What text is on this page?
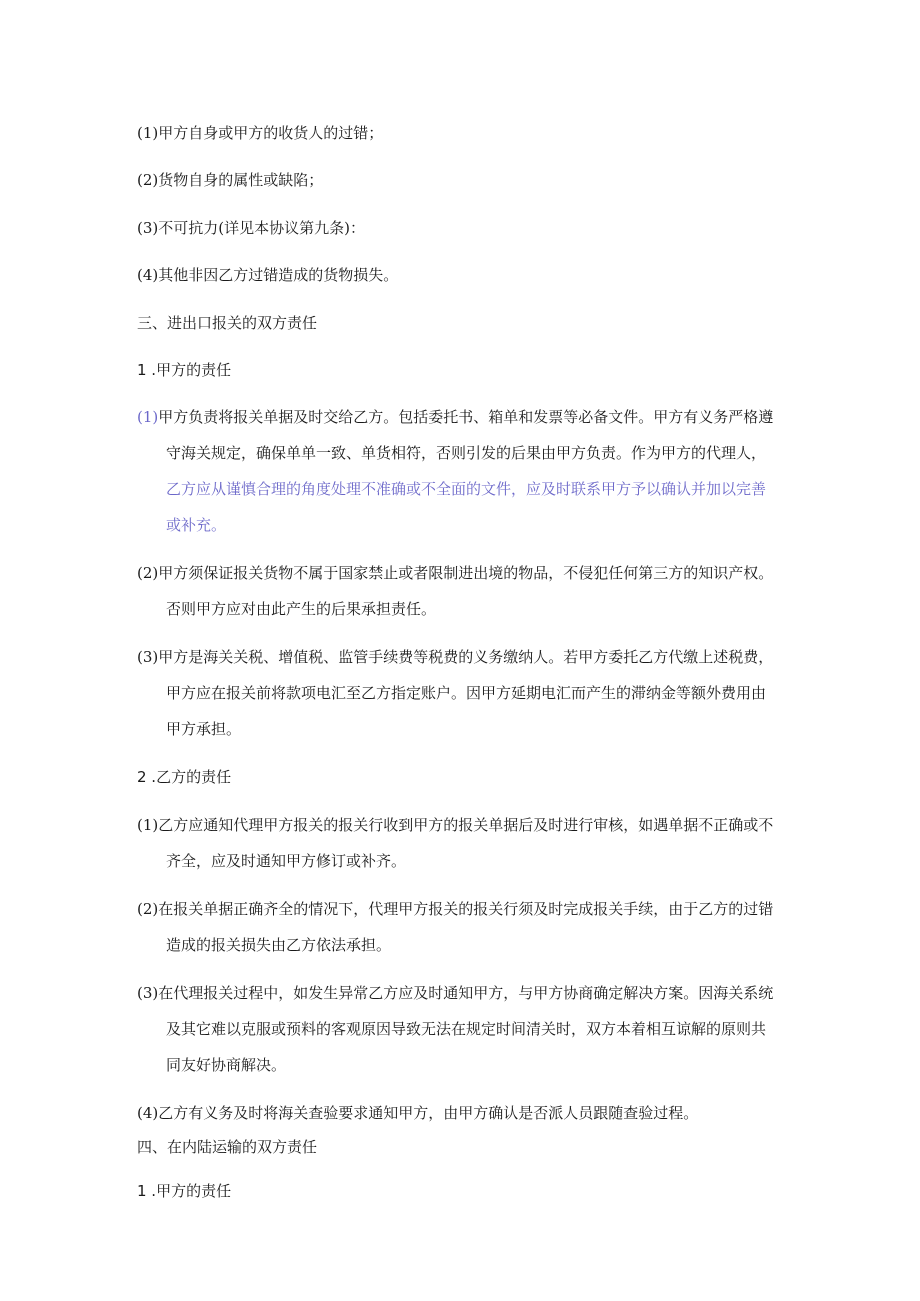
(1)甲方自身或甲方的收货人的过错；
(2)货物自身的属性或缺陷；
(3)不可抗力(详见本协议第九条)：
(4)其他非因乙方过错造成的货物损失。
三、进出口报关的双方责任
1 .甲方的责任
(1)甲方负责将报关单据及时交给乙方。包括委托书、箱单和发票等必备文件。甲方有义务严格遵
守海关规定，确保单单一致、单货相符，否则引发的后果由甲方负责。作为甲方的代理人，
乙方应从谨慎合理的角度处理不准确或不全面的文件，应及时联系甲方予以确认并加以完善
或补充。
(2)甲方须保证报关货物不属于国家禁止或者限制进出境的物品，不侵犯任何第三方的知识产权。
否则甲方应对由此产生的后果承担责任。
(3)甲方是海关关税、增值税、监管手续费等税费的义务缴纳人。若甲方委托乙方代缴上述税费，
甲方应在报关前将款项电汇至乙方指定账户。因甲方延期电汇而产生的滞纳金等额外费用由
甲方承担。
2 .乙方的责任
(1)乙方应通知代理甲方报关的报关行收到甲方的报关单据后及时进行审核，如遇单据不正确或不
齐全，应及时通知甲方修订或补齐。
(2)在报关单据正确齐全的情况下，代理甲方报关的报关行须及时完成报关手续，由于乙方的过错
造成的报关损失由乙方依法承担。
(3)在代理报关过程中，如发生异常乙方应及时通知甲方，与甲方协商确定解决方案。因海关系统
及其它难以克服或预料的客观原因导致无法在规定时间清关时，双方本着相互谅解的原则共
同友好协商解决。
(4)乙方有义务及时将海关查验要求通知甲方，由甲方确认是否派人员跟随查验过程。
四、在内陆运输的双方责任
1 .甲方的责任
